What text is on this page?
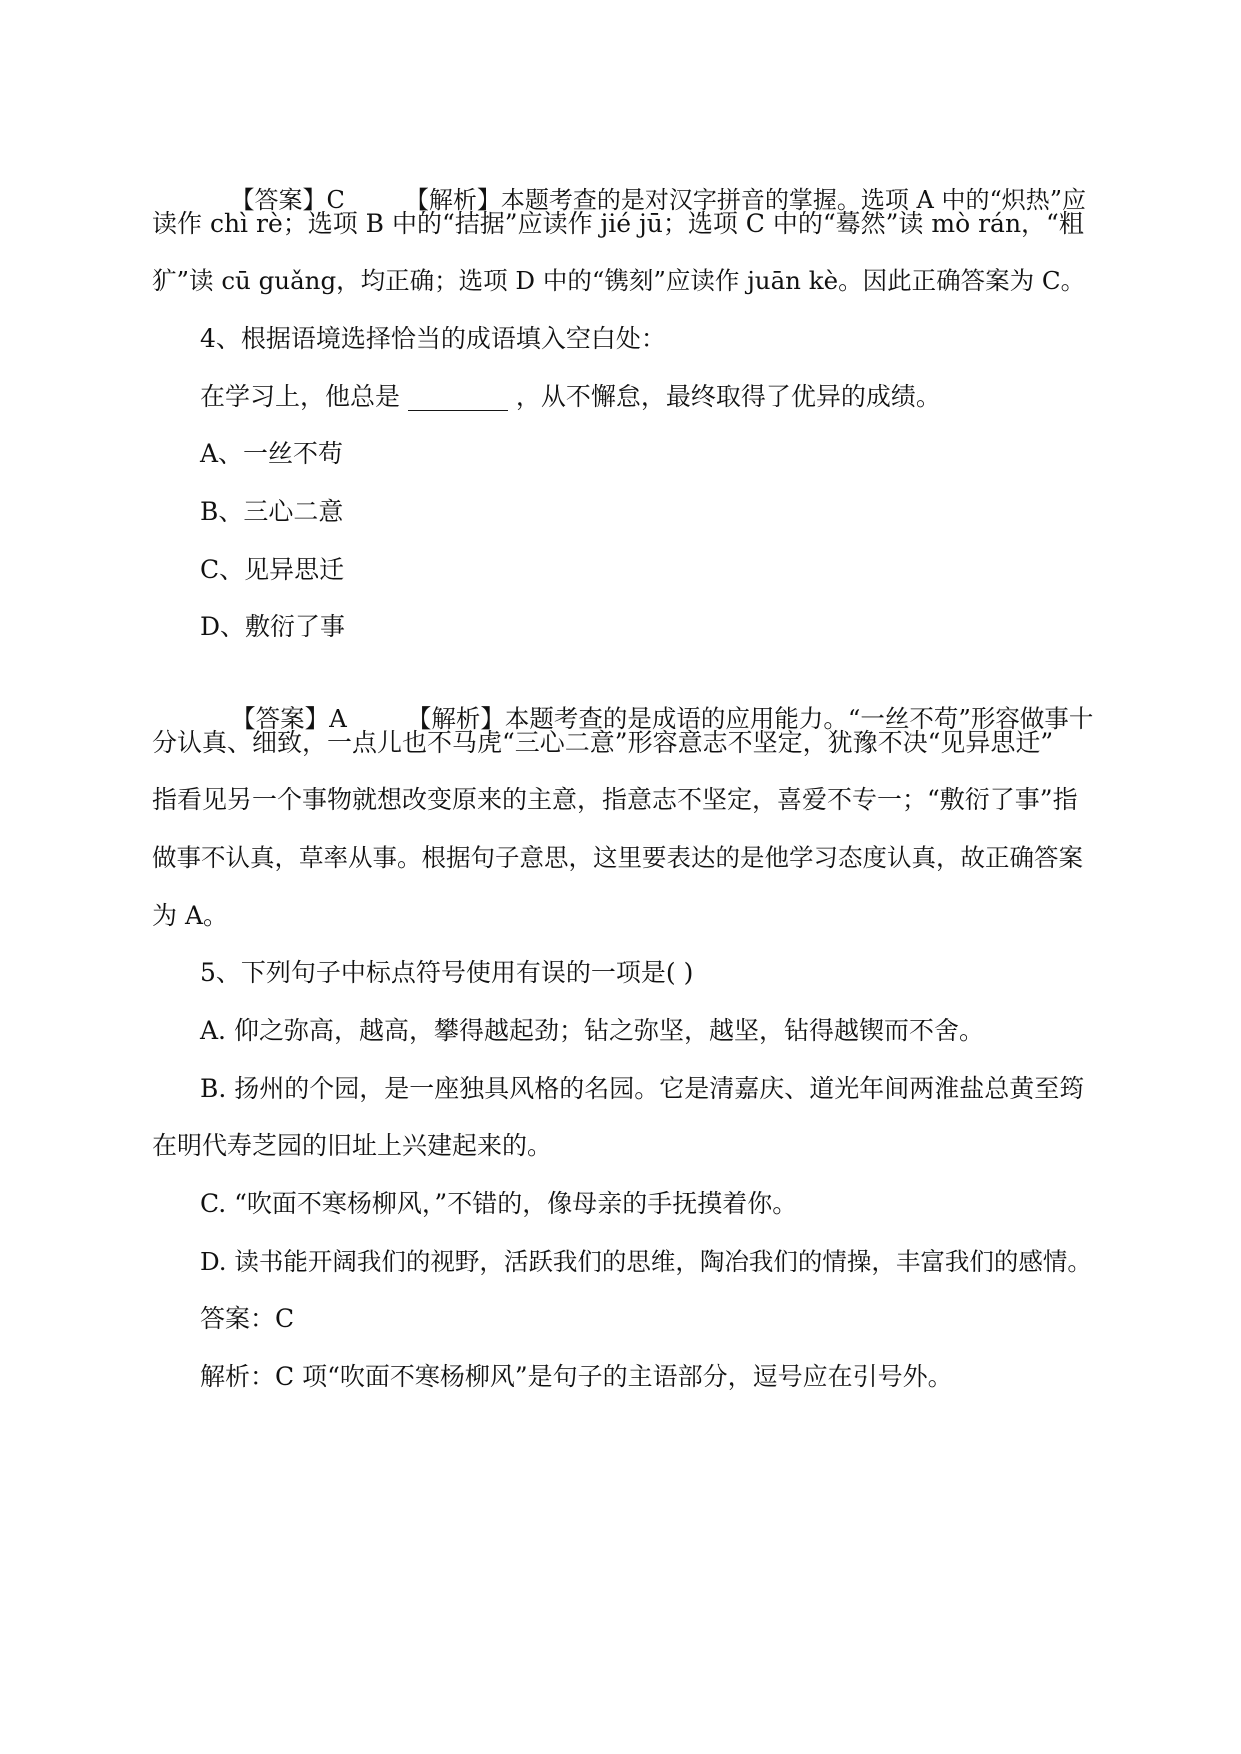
【答案】C	【解析】本题考查的是对汉字拼音的掌握。选项 A 中的“炽热”应

读作 chì rè；选项 B 中的“拮据”应读作 jié jū；选项 C 中的“蓦然”读 mò rán，“粗
犷”读 cū guǎng，均正确；选项 D 中的“镌刻”应读作 juān kè。因此正确答案为 C。
4、根据语境选择恰当的成语填入空白处：
在学习上，他总是 ________ ，从不懈怠，最终取得了优异的成绩。
A、一丝不苟
B、三心二意
C、见异思迁
D、敷衍了事

【答案】A 【解析】本题考查的是成语的应用能力。“一丝不苟”形容做事十

分认真、细致，一点儿也不马虎“三心二意”形容意志不坚定，犹豫不决“见异思迁”
指看见另一个事物就想改变原来的主意，指意志不坚定，喜爱不专一；“敷衍了事”指
做事不认真，草率从事。根据句子意思，这里要表达的是他学习态度认真，故正确答案
为 A。
5、下列句子中标点符号使用有误的一项是( )
A. 仰之弥高，越高，攀得越起劲；钻之弥坚，越坚，钻得越锲而不舍。
B. 扬州的个园，是一座独具风格的名园。它是清嘉庆、道光年间两淮盐总黄至筠
在明代寿芝园的旧址上兴建起来的。
C. “吹面不寒杨柳风，”不错的，像母亲的手抚摸着你。
D. 读书能开阔我们的视野，活跃我们的思维，陶冶我们的情操，丰富我们的感情。
答案：C
解析：C 项“吹面不寒杨柳风”是句子的主语部分，逗号应在引号外。
